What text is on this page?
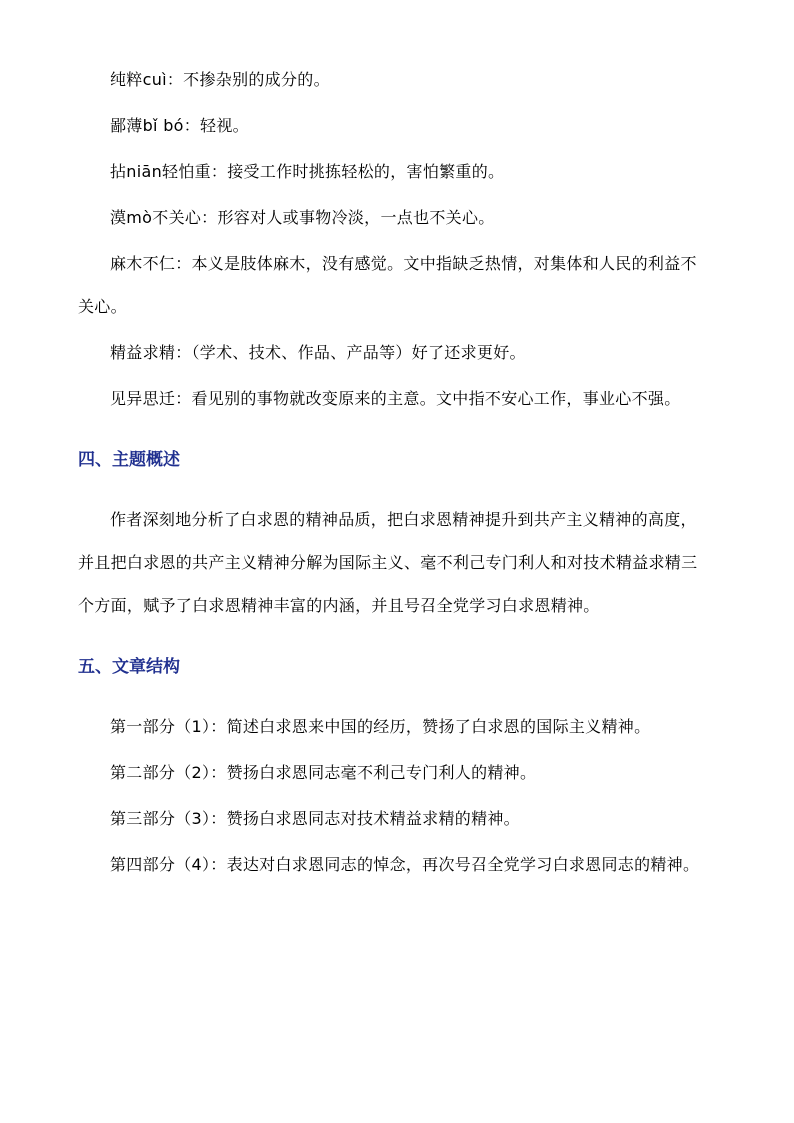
纯粹cuì：不掺杂别的成分的。

鄙薄bǐ bó：轻视。

拈niān轻怕重：接受工作时挑拣轻松的，害怕繁重的。

漠mò不关心：形容对人或事物冷淡，一点也不关心。

麻木不仁：本义是肢体麻木，没有感觉。文中指缺乏热情，对集体和人民的利益不关心。

精益求精：（学术、技术、作品、产品等）好了还求更好。

见异思迁：看见别的事物就改变原来的主意。文中指不安心工作，事业心不强。

四、主题概述

作者深刻地分析了白求恩的精神品质，把白求恩精神提升到共产主义精神的高度，并且把白求恩的共产主义精神分解为国际主义、毫不利己专门利人和对技术精益求精三个方面，赋予了白求恩精神丰富的内涵，并且号召全党学习白求恩精神。

五、文章结构

第一部分（1）：简述白求恩来中国的经历，赞扬了白求恩的国际主义精神。

第二部分（2）：赞扬白求恩同志毫不利己专门利人的精神。

第三部分（3）：赞扬白求恩同志对技术精益求精的精神。

第四部分（4）：表达对白求恩同志的悼念，再次号召全党学习白求恩同志的精神。
